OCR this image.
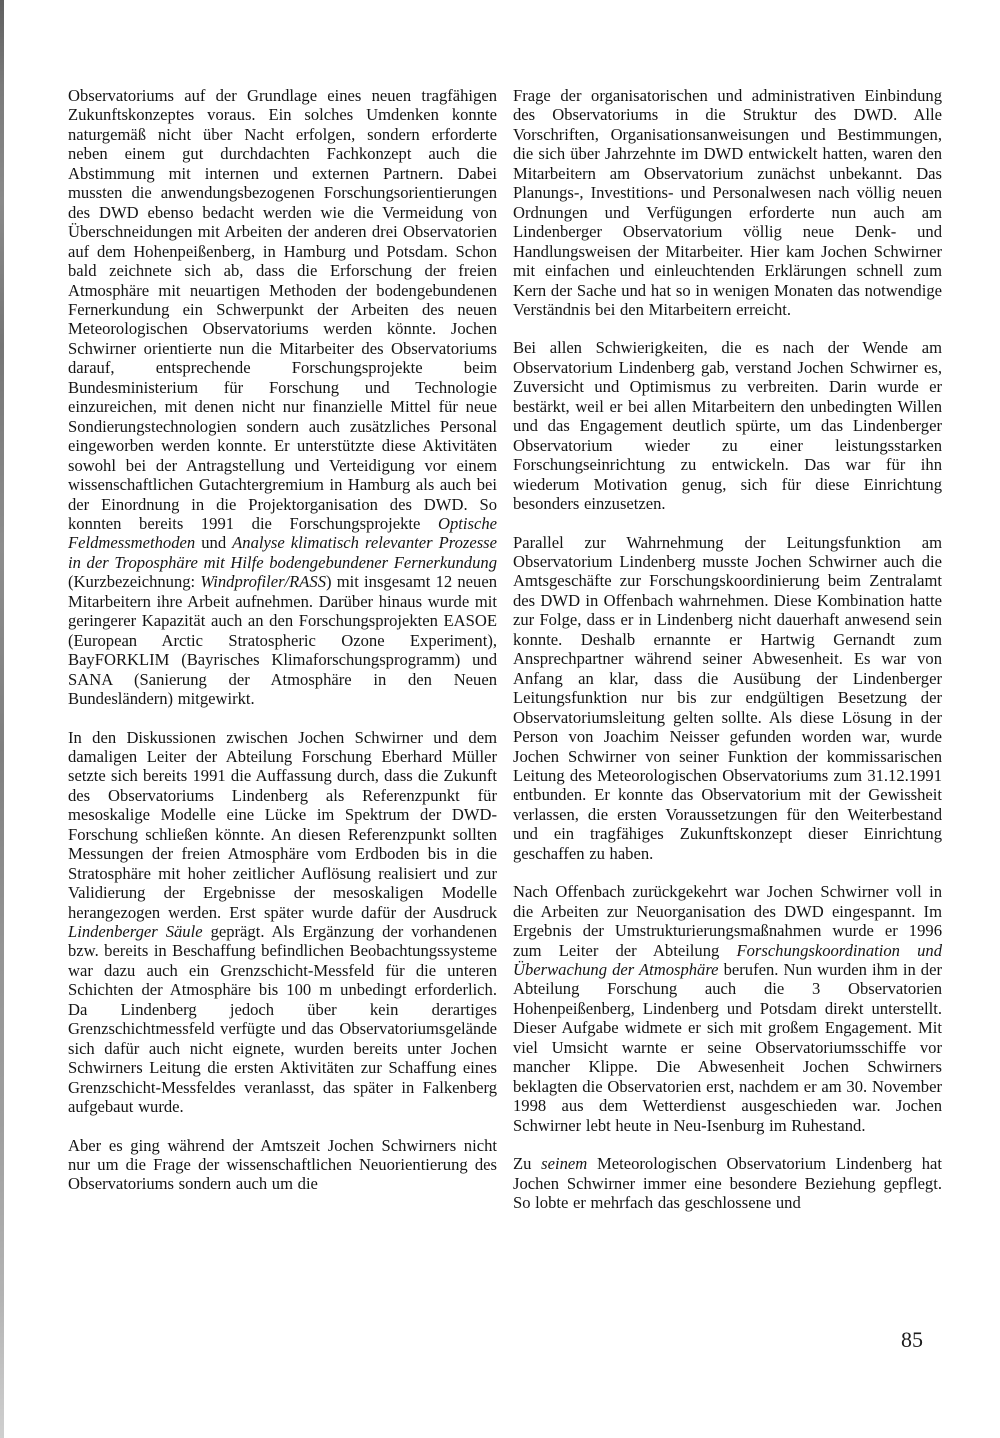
Observatoriums auf der Grundlage eines neuen tragfähigen Zukunftskonzeptes voraus. Ein solches Umdenken konnte naturgemäß nicht über Nacht erfolgen, sondern erforderte neben einem gut durchdachten Fachkonzept auch die Abstimmung mit internen und externen Partnern. Dabei mussten die anwendungsbezogenen Forschungsorientierungen des DWD ebenso bedacht werden wie die Vermeidung von Überschneidungen mit Arbeiten der anderen drei Observatorien auf dem Hohenpeißenberg, in Hamburg und Potsdam. Schon bald zeichnete sich ab, dass die Erforschung der freien Atmosphäre mit neuartigen Methoden der bodengebundenen Fernerkundung ein Schwerpunkt der Arbeiten des neuen Meteorologischen Observatoriums werden könnte. Jochen Schwirner orientierte nun die Mitarbeiter des Observatoriums darauf, entsprechende Forschungsprojekte beim Bundesministerium für Forschung und Technologie einzureichen, mit denen nicht nur finanzielle Mittel für neue Sondierungstechnologien sondern auch zusätzliches Personal eingeworben werden konnte. Er unterstützte diese Aktivitäten sowohl bei der Antragstellung und Verteidigung vor einem wissenschaftlichen Gutachtergremium in Hamburg als auch bei der Einordnung in die Projektorganisation des DWD. So konnten bereits 1991 die Forschungsprojekte Optische Feldmessmethoden und Analyse klimatisch relevanter Prozesse in der Troposphäre mit Hilfe bodengebundener Fernerkundung (Kurzbezeichnung: Windprofiler/RASS) mit insgesamt 12 neuen Mitarbeitern ihre Arbeit aufnehmen. Darüber hinaus wurde mit geringerer Kapazität auch an den Forschungsprojekten EASOE (European Arctic Stratospheric Ozone Experiment), BayFORKLIM (Bayrisches Klimaforschungsprogramm) und SANA (Sanierung der Atmosphäre in den Neuen Bundesländern) mitgewirkt.

In den Diskussionen zwischen Jochen Schwirner und dem damaligen Leiter der Abteilung Forschung Eberhard Müller setzte sich bereits 1991 die Auffassung durch, dass die Zukunft des Observatoriums Lindenberg als Referenzpunkt für mesoskalige Modelle eine Lücke im Spektrum der DWD-Forschung schließen könnte. An diesen Referenzpunkt sollten Messungen der freien Atmosphäre vom Erdboden bis in die Stratosphäre mit hoher zeitlicher Auflösung realisiert und zur Validierung der Ergebnisse der mesoskaligen Modelle herangezogen werden. Erst später wurde dafür der Ausdruck Lindenberger Säule geprägt. Als Ergänzung der vorhandenen bzw. bereits in Beschaffung befindlichen Beobachtungssysteme war dazu auch ein Grenzschicht-Messfeld für die unteren Schichten der Atmosphäre bis 100 m unbedingt erforderlich. Da Lindenberg jedoch über kein derartiges Grenzschichtmessfeld verfügte und das Observatoriumsgelände sich dafür auch nicht eignete, wurden bereits unter Jochen Schwirners Leitung die ersten Aktivitäten zur Schaffung eines Grenzschicht-Messfeldes veranlasst, das später in Falkenberg aufgebaut wurde.

Aber es ging während der Amtszeit Jochen Schwirners nicht nur um die Frage der wissenschaftlichen Neuorientierung des Observatoriums sondern auch um die

Frage der organisatorischen und administrativen Einbindung des Observatoriums in die Struktur des DWD. Alle Vorschriften, Organisationsanweisungen und Bestimmungen, die sich über Jahrzehnte im DWD entwickelt hatten, waren den Mitarbeitern am Observatorium zunächst unbekannt. Das Planungs-, Investitions- und Personalwesen nach völlig neuen Ordnungen und Verfügungen erforderte nun auch am Lindenberger Observatorium völlig neue Denk- und Handlungsweisen der Mitarbeiter. Hier kam Jochen Schwirner mit einfachen und einleuchtenden Erklärungen schnell zum Kern der Sache und hat so in wenigen Monaten das notwendige Verständnis bei den Mitarbeitern erreicht.

Bei allen Schwierigkeiten, die es nach der Wende am Observatorium Lindenberg gab, verstand Jochen Schwirner es, Zuversicht und Optimismus zu verbreiten. Darin wurde er bestärkt, weil er bei allen Mitarbeitern den unbedingten Willen und das Engagement deutlich spürte, um das Lindenberger Observatorium wieder zu einer leistungsstarken Forschungseinrichtung zu entwickeln. Das war für ihn wiederum Motivation genug, sich für diese Einrichtung besonders einzusetzen.

Parallel zur Wahrnehmung der Leitungsfunktion am Observatorium Lindenberg musste Jochen Schwirner auch die Amtsgeschäfte zur Forschungskoordinierung beim Zentralamt des DWD in Offenbach wahrnehmen. Diese Kombination hatte zur Folge, dass er in Lindenberg nicht dauerhaft anwesend sein konnte. Deshalb ernannte er Hartwig Gernandt zum Ansprechpartner während seiner Abwesenheit. Es war von Anfang an klar, dass die Ausübung der Lindenberger Leitungsfunktion nur bis zur endgültigen Besetzung der Observatoriumsleitung gelten sollte. Als diese Lösung in der Person von Joachim Neisser gefunden worden war, wurde Jochen Schwirner von seiner Funktion der kommissarischen Leitung des Meteorologischen Observatoriums zum 31.12.1991 entbunden. Er konnte das Observatorium mit der Gewissheit verlassen, die ersten Voraussetzungen für den Weiterbestand und ein tragfähiges Zukunftskonzept dieser Einrichtung geschaffen zu haben.

Nach Offenbach zurückgekehrt war Jochen Schwirner voll in die Arbeiten zur Neuorganisation des DWD eingespannt. Im Ergebnis der Umstrukturierungsmaßnahmen wurde er 1996 zum Leiter der Abteilung Forschungskoordination und Überwachung der Atmosphäre berufen. Nun wurden ihm in der Abteilung Forschung auch die 3 Observatorien Hohenpeißenberg, Lindenberg und Potsdam direkt unterstellt. Dieser Aufgabe widmete er sich mit großem Engagement. Mit viel Umsicht warnte er seine Observatoriumsschiffe vor mancher Klippe. Die Abwesenheit Jochen Schwirners beklagten die Observatorien erst, nachdem er am 30. November 1998 aus dem Wetterdienst ausgeschieden war. Jochen Schwirner lebt heute in Neu-Isenburg im Ruhestand.

Zu seinem Meteorologischen Observatorium Lindenberg hat Jochen Schwirner immer eine besondere Beziehung gepflegt. So lobte er mehrfach das geschlossene und

85
